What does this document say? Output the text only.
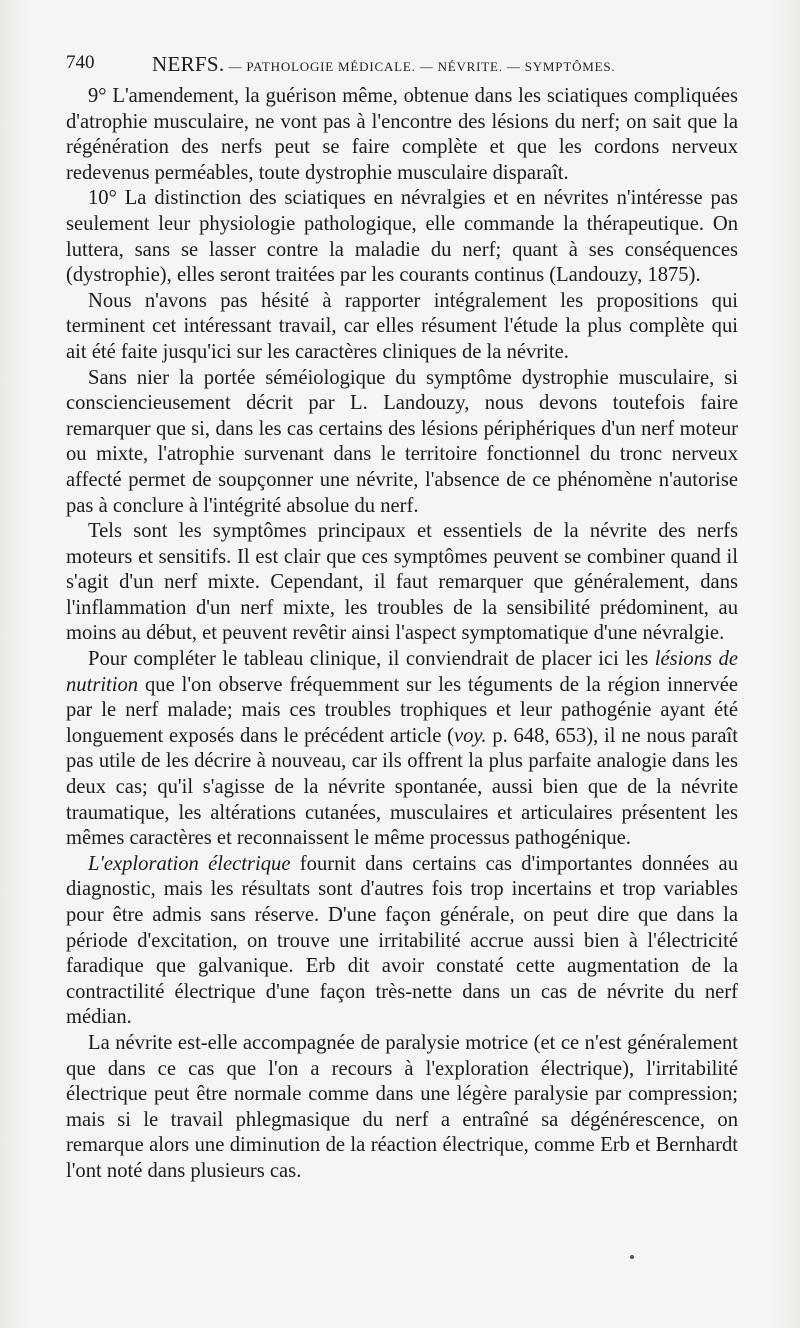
740	NERFS. — PATHOLOGIE MÉDICALE. — NÉVRITE. — SYMPTÔMES.

9° L'amendement, la guérison même, obtenue dans les sciatiques compliquées d'atrophie musculaire, ne vont pas à l'encontre des lésions du nerf; on sait que la régénération des nerfs peut se faire complète et que les cordons nerveux redevenus perméables, toute dystrophie musculaire disparaît.

10° La distinction des sciatiques en névralgies et en névrites n'intéresse pas seulement leur physiologie pathologique, elle commande la thérapeutique. On luttera, sans se lasser contre la maladie du nerf; quant à ses conséquences (dystrophie), elles seront traitées par les courants continus (Landouzy, 1875).

Nous n'avons pas hésité à rapporter intégralement les propositions qui terminent cet intéressant travail, car elles résument l'étude la plus complète qui ait été faite jusqu'ici sur les caractères cliniques de la névrite.

Sans nier la portée séméiologique du symptôme dystrophie musculaire, si consciencieusement décrit par L. Landouzy, nous devons toutefois faire remarquer que si, dans les cas certains des lésions périphériques d'un nerf moteur ou mixte, l'atrophie survenant dans le territoire fonctionnel du tronc nerveux affecté permet de soupçonner une névrite, l'absence de ce phénomène n'autorise pas à conclure à l'intégrité absolue du nerf.

Tels sont les symptômes principaux et essentiels de la névrite des nerfs moteurs et sensitifs. Il est clair que ces symptômes peuvent se combiner quand il s'agit d'un nerf mixte. Cependant, il faut remarquer que généralement, dans l'inflammation d'un nerf mixte, les troubles de la sensibilité prédominent, au moins au début, et peuvent revêtir ainsi l'aspect symptomatique d'une névralgie.

Pour compléter le tableau clinique, il conviendrait de placer ici les lésions de nutrition que l'on observe fréquemment sur les téguments de la région innervée par le nerf malade; mais ces troubles trophiques et leur pathogénie ayant été longuement exposés dans le précédent article (voy. p. 648, 653), il ne nous paraît pas utile de les décrire à nouveau, car ils offrent la plus parfaite analogie dans les deux cas; qu'il s'agisse de la névrite spontanée, aussi bien que de la névrite traumatique, les altérations cutanées, musculaires et articulaires présentent les mêmes caractères et reconnaissent le même processus pathogénique.

L'exploration électrique fournit dans certains cas d'importantes données au diagnostic, mais les résultats sont d'autres fois trop incertains et trop variables pour être admis sans réserve. D'une façon générale, on peut dire que dans la période d'excitation, on trouve une irritabilité accrue aussi bien à l'électricité faradique que galvanique. Erb dit avoir constaté cette augmentation de la contractilité électrique d'une façon très-nette dans un cas de névrite du nerf médian.

La névrite est-elle accompagnée de paralysie motrice (et ce n'est généralement que dans ce cas que l'on a recours à l'exploration électrique), l'irritabilité électrique peut être normale comme dans une légère paralysie par compression; mais si le travail phlegmasique du nerf a entraîné sa dégénérescence, on remarque alors une diminution de la réaction électrique, comme Erb et Bernhardt l'ont noté dans plusieurs cas.
